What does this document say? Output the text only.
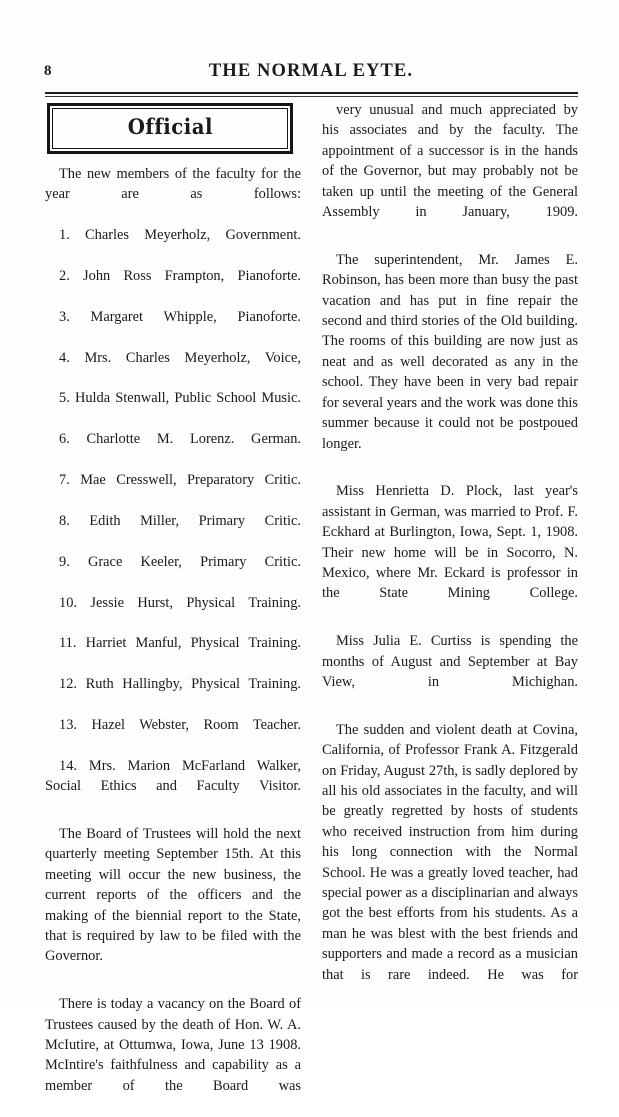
8	THE NORMAL EYTE.
Official

The new members of the faculty for the year are as follows:

1. Charles Meyerholz, Government.

2. John Ross Frampton, Pianoforte.

3. Margaret Whipple, Pianoforte.

4. Mrs. Charles Meyerholz, Voice,

5. Hulda Stenwall, Public School Music.

6. Charlotte M. Lorenz. German.

7. Mae Cresswell, Preparatory Critic.

8. Edith Miller, Primary Critic.

9. Grace Keeler, Primary Critic.

10. Jessie Hurst, Physical Training.

11. Harriet Manful, Physical Training.

12. Ruth Hallingby, Physical Training.

13. Hazel Webster, Room Teacher.

14. Mrs. Marion McFarland Walker, Social Ethics and Faculty Visitor.

The Board of Trustees will hold the next quarterly meeting September 15th. At this meeting will occur the new business, the current reports of the officers and the making of the biennial report to the State, that is required by law to be filed with the Governor.

There is today a vacancy on the Board of Trustees caused by the death of Hon. W. A. McIutire, at Ottumwa, Iowa, June 13 1908. McIntire's faithfulness and capability as a member of the Board was

very unusual and much appreciated by his associates and by the faculty. The appointment of a successor is in the hands of the Governor, but may probably not be taken up until the meeting of the General Assembly in January, 1909.

The superintendent, Mr. James E. Robinson, has been more than busy the past vacation and has put in fine repair the second and third stories of the Old building. The rooms of this building are now just as neat and as well decorated as any in the school. They have been in very bad repair for several years and the work was done this summer because it could not be postpoued longer.

Miss Henrietta D. Plock, last year's assistant in German, was married to Prof. F. Eckhard at Burlington, Iowa, Sept. 1, 1908. Their new home will be in Socorro, N. Mexico, where Mr. Eckard is professor in the State Mining College.

Miss Julia E. Curtiss is spending the months of August and September at Bay View, in Michighan.

The sudden and violent death at Covina, California, of Professor Frank A. Fitzgerald on Friday, August 27th, is sadly deplored by all his old associates in the faculty, and will be greatly regretted by hosts of students who received instruction from him during his long connection with the Normal School. He was a greatly loved teacher, had special power as a disciplinarian and always got the best efforts from his students. As a man he was blest with the best friends and supporters and made a record as a musician that is rare indeed. He was for
